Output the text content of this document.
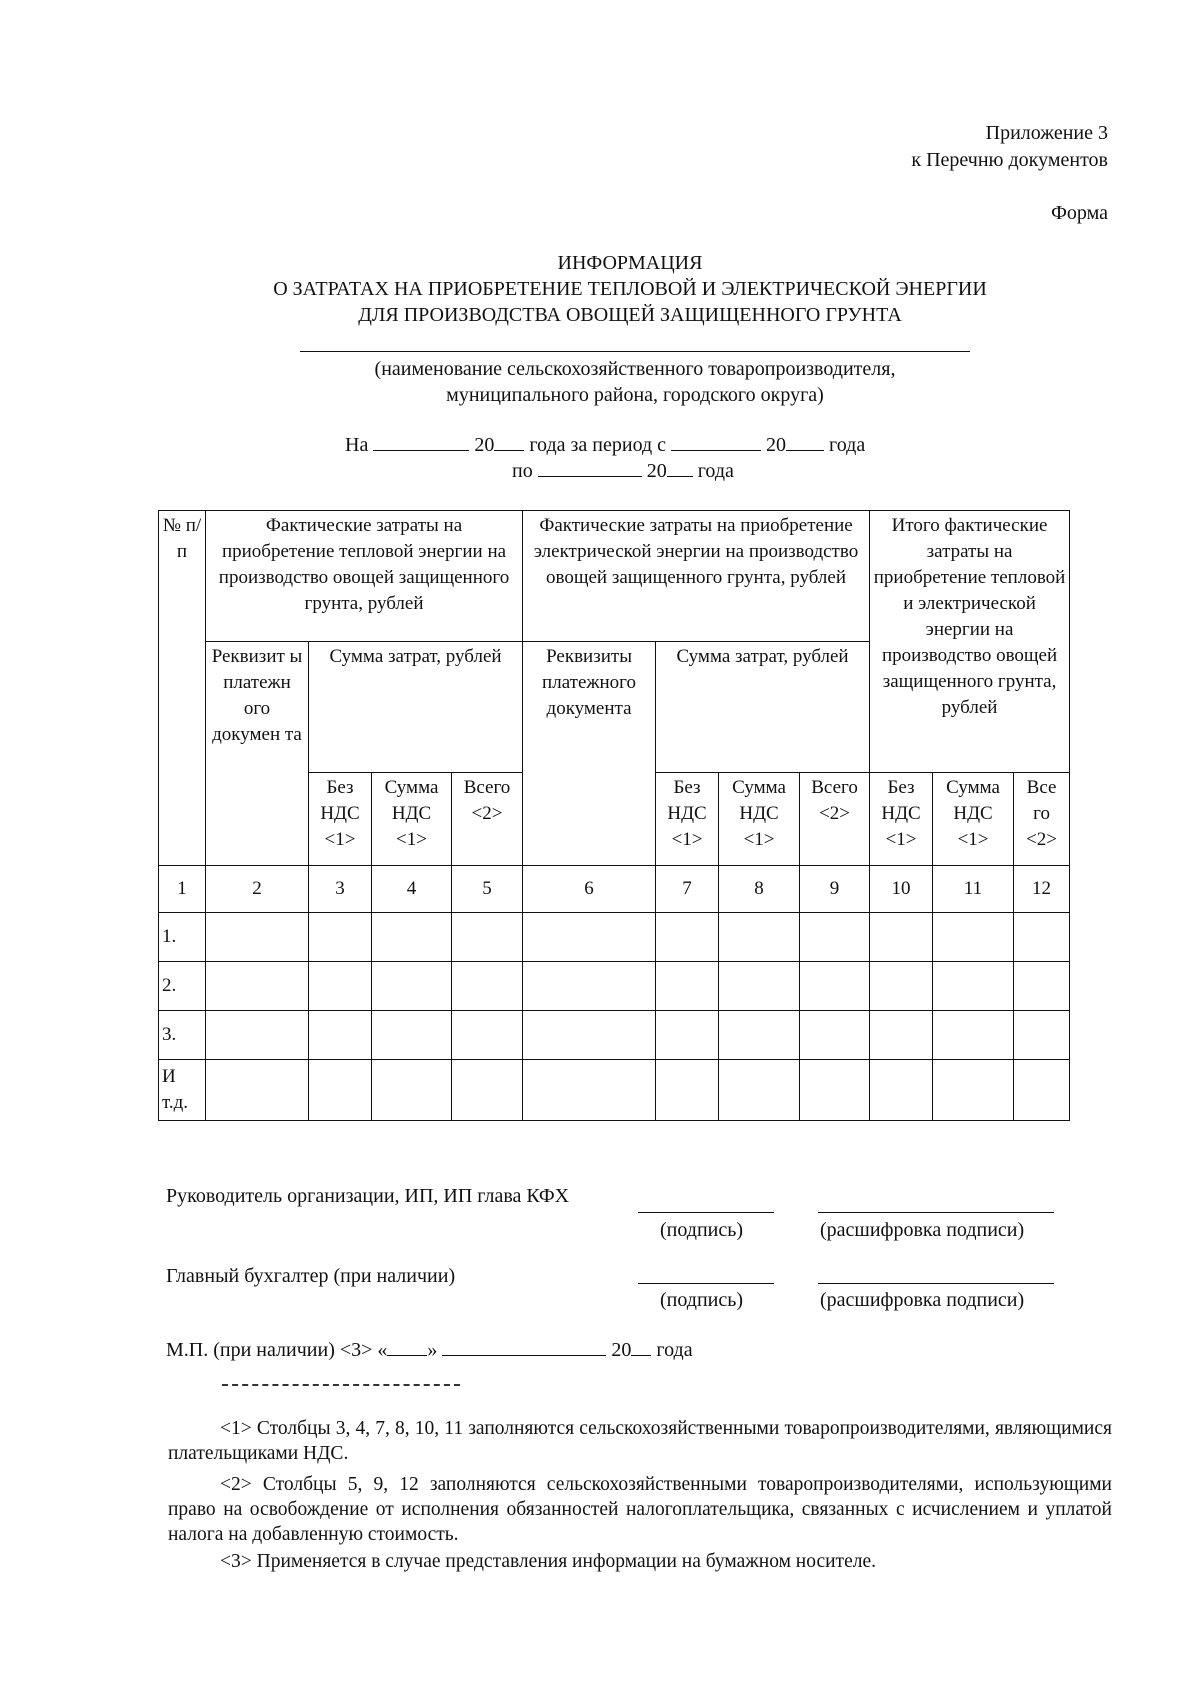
Приложение 3
к Перечню документов
Форма
ИНФОРМАЦИЯ
О ЗАТРАТАХ НА ПРИОБРЕТЕНИЕ ТЕПЛОВОЙ И ЭЛЕКТРИЧЕСКОЙ ЭНЕРГИИ
ДЛЯ ПРОИЗВОДСТВА ОВОЩЕЙ ЗАЩИЩЕННОГО ГРУНТА
(наименование сельскохозяйственного товаропроизводителя,
муниципального района, городского округа)
На	20 года за период с	20 года
по	20 года
№ п/п	Фактические затраты на приобретение тепловой энергии на производство овощей защищенного грунта, рублей				Фактические затраты на приобретение электрической энергии на производство овощей защищенного грунта, рублей				Итого фактические затраты на приобретение тепловой и электрической энергии на производство овощей защищенного грунта, рублей		
	Реквизит ы платежн ого докумен та	Сумма затрат, рублей			Реквизиты платежного документа	Сумма затрат, рублей					
		Без НДС <1>	Сумма НДС <1>	Всего <2>		Без НДС <1>	Сумма НДС <1>	Всего <2>	Без НДС <1>	Сумма НДС <1>	Все го <2>
1	2	3	4	5	6	7	8	9	10	11	12
1.											
2.											
3.											
И т.д.											
Руководитель организации, ИП, ИП глава КФХ
(подпись)	(расшифровка подписи)
Главный бухгалтер (при наличии)
(подпись)	(расшифровка подписи)
М.П. (при наличии) <3> « »	20 года
<1> Столбцы 3, 4, 7, 8, 10, 11 заполняются сельскохозяйственными товаропроизводителями, являющимися плательщиками НДС.
<2> Столбцы 5, 9, 12 заполняются сельскохозяйственными товаропроизводителями, использующими право на освобождение от исполнения обязанностей налогоплательщика, связанных с исчислением и уплатой налога на добавленную стоимость.
<3> Применяется в случае представления информации на бумажном носителе.
